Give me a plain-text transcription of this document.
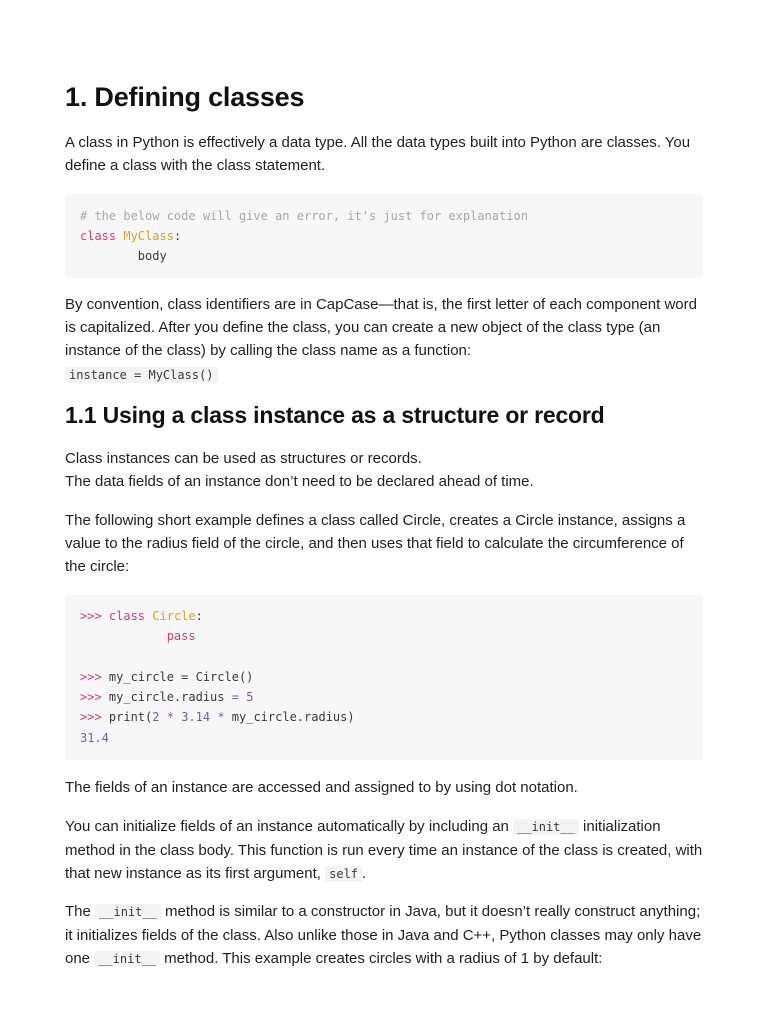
1. Defining classes

A class in Python is effectively a data type. All the data types built into Python are classes. You define a class with the class statement.

# the below code will give an error, it's just for explanation
class MyClass:
body

By convention, class identifiers are in CapCase—that is, the first letter of each component word is capitalized. After you define the class, you can create a new object of the class type (an instance of the class) by calling the class name as a function:

instance = MyClass()
1.1 Using a class instance as a structure or record

Class instances can be used as structures or records.

The data fields of an instance don’t need to be declared ahead of time.

The following short example defines a class called Circle, creates a Circle instance, assigns a value to the radius field of the circle, and then uses that field to calculate the circumference of the circle:

>>> class Circle:
pass
>>> my_circle = Circle()
>>> my_circle.radius = 5
>>> print(2 * 3.14 * my_circle.radius)
31.4

The fields of an instance are accessed and assigned to by using dot notation.

You can initialize fields of an instance automatically by including an __init__ initialization method in the class body. This function is run every time an instance of the class is created, with that new instance as its first argument, self .

The __init__ method is similar to a constructor in Java, but it doesn’t really construct anything; it initializes fields of the class. Also unlike those in Java and C++, Python classes may only have one __init__ method. This example creates circles with a radius of 1 by default:
